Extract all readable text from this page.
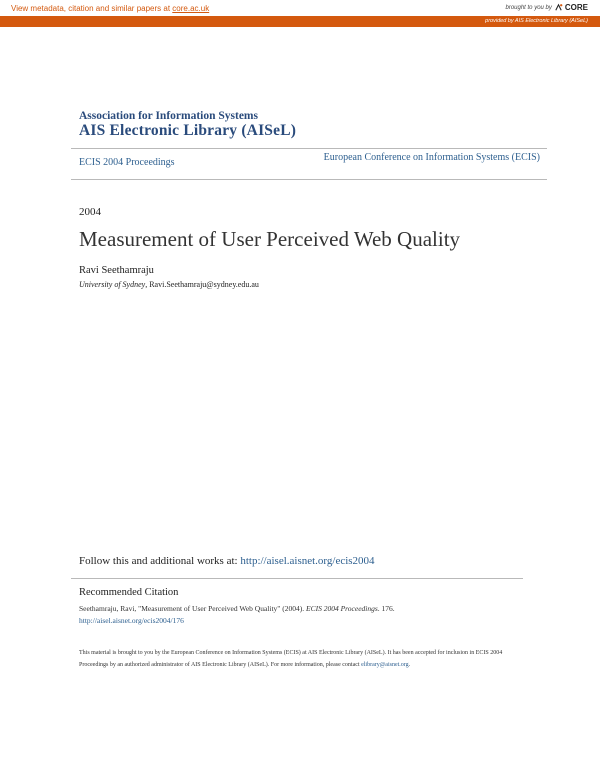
View metadata, citation and similar papers at core.ac.uk	brought to you by CORE
provided by AIS Electronic Library (AISeL)
Association for Information Systems
AIS Electronic Library (AISeL)
ECIS 2004 Proceedings	European Conference on Information Systems (ECIS)
2004
Measurement of User Perceived Web Quality
Ravi Seethamraju
University of Sydney, Ravi.Seethamraju@sydney.edu.au
Follow this and additional works at: http://aisel.aisnet.org/ecis2004
Recommended Citation
Seethamraju, Ravi, "Measurement of User Perceived Web Quality" (2004). ECIS 2004 Proceedings. 176.
http://aisel.aisnet.org/ecis2004/176
This material is brought to you by the European Conference on Information Systems (ECIS) at AIS Electronic Library (AISeL). It has been accepted for inclusion in ECIS 2004 Proceedings by an authorized administrator of AIS Electronic Library (AISeL). For more information, please contact elibrary@aisnet.org.
